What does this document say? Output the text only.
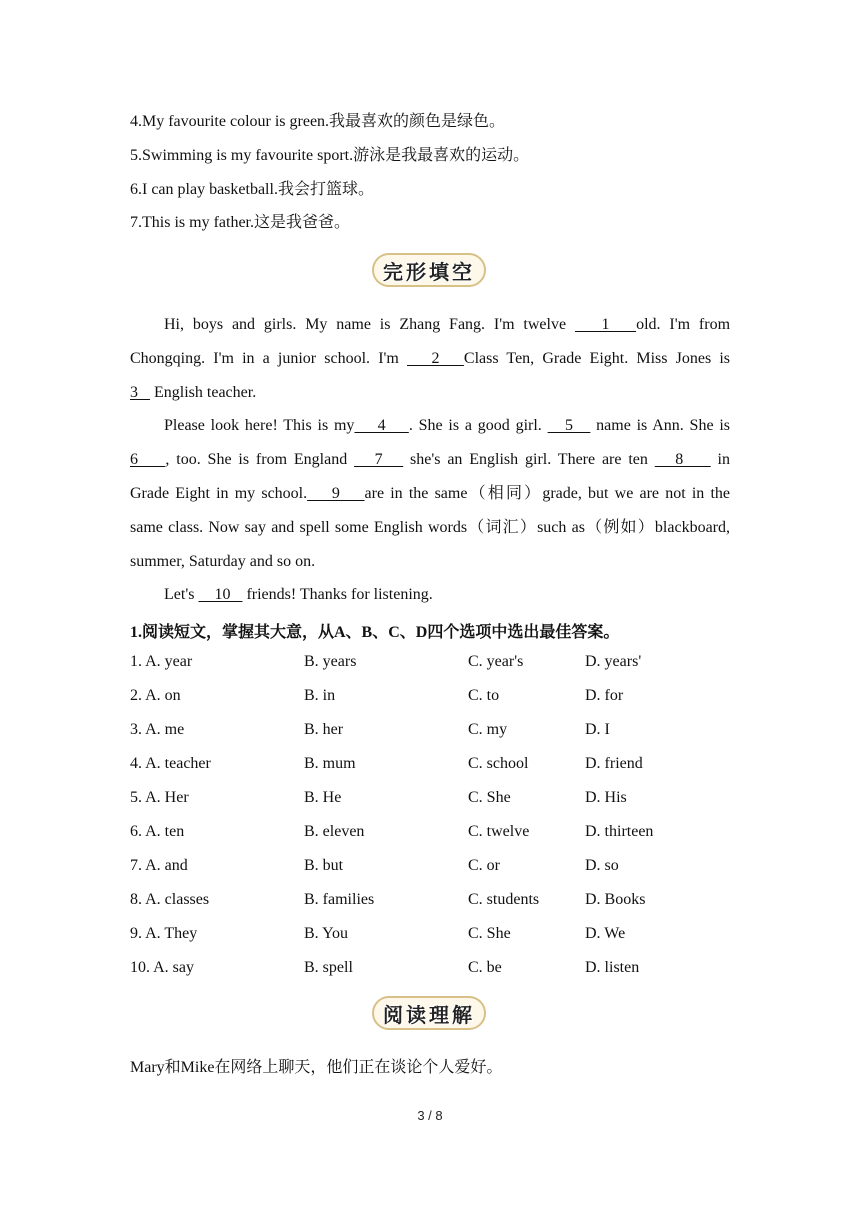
4.My favourite colour is green.我最喜欢的颜色是绿色。
5.Swimming is my favourite sport.游泳是我最喜欢的运动。
6.I can play basketball.我会打篮球。
7.This is my father.这是我爸爸。
完形填空
Hi, boys and girls. My name is Zhang Fang. I'm twelve    1   old. I'm from
Chongqing. I'm in a junior school. I'm    2   Class Ten, Grade Eight. Miss Jones is
3    English teacher.
Please look here! This is my    4    . She is a good girl.    5    name is Ann. She is
6    , too. She is from England    7    she's an English girl. There are ten    8     in
Grade Eight in my school.    9    are in the same（相同）grade, but we are not in the
same class. Now say and spell some English words（词汇）such as（例如）blackboard,
summer, Saturday and so on.
Let's     10    friends! Thanks for listening.
1.阅读短文，掌握其大意，从A、B、C、D四个选项中选出最佳答案。
1. A. year	B. years	C. year's	D. years'
2. A. on	B. in	C. to	D. for
3. A. me	B. her	C. my	D. I
4. A. teacher	B. mum	C. school	D. friend
5. A. Her	B. He	C. She	D. His
6. A. ten	B. eleven	C. twelve	D. thirteen
7. A. and	B. but	C. or	D. so
8. A. classes	B. families	C. students	D. Books
9. A. They	B. You	C. She	D. We
10. A. say	B. spell	C. be	D. listen
阅读理解
Mary和Mike在网络上聊天，他们正在谈论个人爱好。
3 / 8
